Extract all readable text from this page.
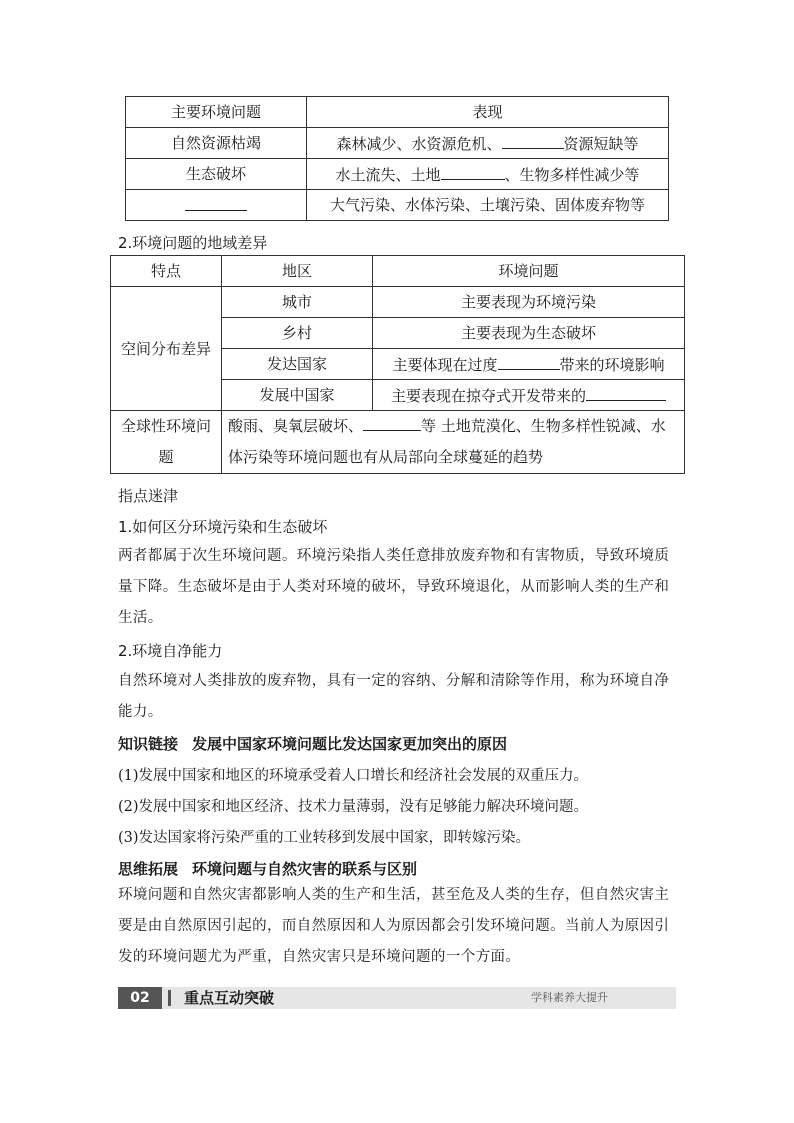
主要环境问题	表现
自然资源枯竭	森林减少、水资源危机、 资源短缺等
生态破坏	水土流失、土地 、生物多样性减少等
	大气污染、水体污染、土壤污染、固体废弃物等
2.环境问题的地域差异
特点	地区	环境问题
空间分布差异	城市	主要表现为环境污染
	乡村	主要表现为生态破坏
	发达国家	主要体现在过度 带来的环境影响
	发展中国家	主要表现在掠夺式开发带来的
全球性环境问题	酸雨、臭氧层破坏、 等 土地荒漠化、生物多样性锐减、水体污染等环境问题也有从局部向全球蔓延的趋势	
指点迷津
1.如何区分环境污染和生态破坏
两者都属于次生环境问题。环境污染指人类任意排放废弃物和有害物质，导致环境质量下降。生态破坏是由于人类对环境的破坏，导致环境退化，从而影响人类的生产和生活。
2.环境自净能力
自然环境对人类排放的废弃物，具有一定的容纳、分解和清除等作用，称为环境自净能力。
知识链接 发展中国家环境问题比发达国家更加突出的原因
(1)发展中国家和地区的环境承受着人口增长和经济社会发展的双重压力。
(2)发展中国家和地区经济、技术力量薄弱，没有足够能力解决环境问题。
(3)发达国家将污染严重的工业转移到发展中国家，即转嫁污染。
思维拓展 环境问题与自然灾害的联系与区别
环境问题和自然灾害都影响人类的生产和生活，甚至危及人类的生存，但自然灾害主要是由自然原因引起的，而自然原因和人为原因都会引发环境问题。当前人为原因引发的环境问题尤为严重，自然灾害只是环境问题的一个方面。
02	重点互动突破	学科素养大提升
